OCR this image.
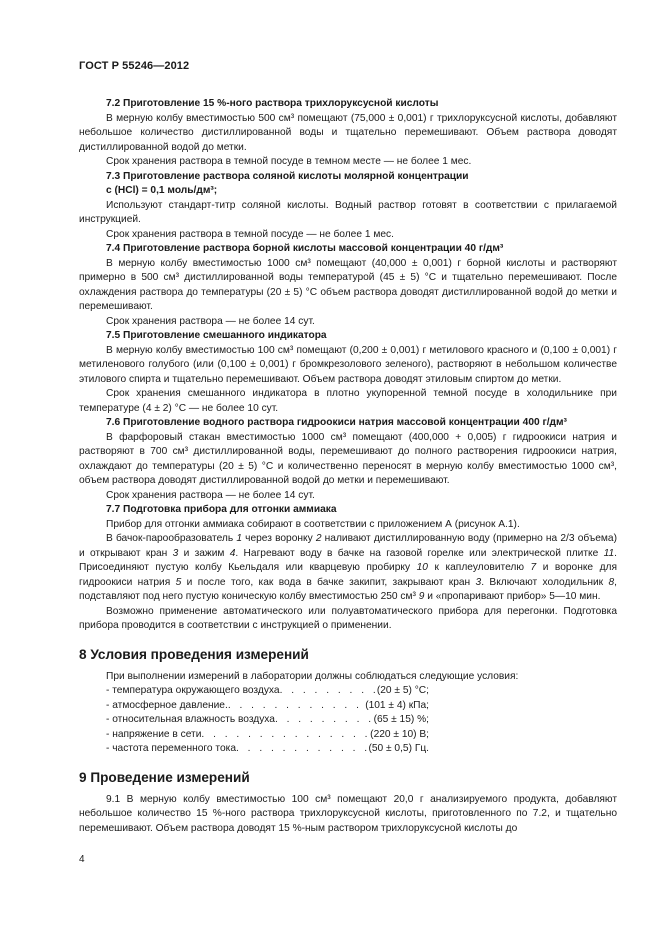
ГОСТ Р 55246—2012

7.2 Приготовление 15 %-ного раствора трихлоруксусной кислоты

В мерную колбу вместимостью 500 см³ помещают (75,000 ± 0,001) г трихлоруксусной кислоты, добавляют небольшое количество дистиллированной воды и тщательно перемешивают. Объем раствора доводят дистиллированной водой до метки.

Срок хранения раствора в темной посуде в темном месте — не более 1 мес.

7.3 Приготовление раствора соляной кислоты молярной концентрации

c (HCl) = 0,1 моль/дм³;

Используют стандарт-титр соляной кислоты. Водный раствор готовят в соответствии с прилагаемой инструкцией.

Срок хранения раствора в темной посуде — не более 1 мес.

7.4 Приготовление раствора борной кислоты массовой концентрации 40 г/дм³

В мерную колбу вместимостью 1000 см³ помещают (40,000 ± 0,001) г борной кислоты и растворяют примерно в 500 см³ дистиллированной воды температурой (45 ± 5) °С и тщательно перемешивают. После охлаждения раствора до температуры (20 ± 5) °С объем раствора доводят дистиллированной водой до метки и перемешивают.

Срок хранения раствора — не более 14 сут.

7.5 Приготовление смешанного индикатора

В мерную колбу вместимостью 100 см³ помещают (0,200 ± 0,001) г метилового красного и (0,100 ± 0,001) г метиленового голубого (или (0,100 ± 0,001) г бромкрезолового зеленого), растворяют в небольшом количестве этилового спирта и тщательно перемешивают. Объем раствора доводят этиловым спиртом до метки.

Срок хранения смешанного индикатора в плотно укупоренной темной посуде в холодильнике при температуре (4 ± 2) °С — не более 10 сут.

7.6 Приготовление водного раствора гидроокиси натрия массовой концентрации 400 г/дм³

В фарфоровый стакан вместимостью 1000 см³ помещают (400,000 + 0,005) г гидроокиси натрия и растворяют в 700 см³ дистиллированной воды, перемешивают до полного растворения гидроокиси натрия, охлаждают до температуры (20 ± 5) °С и количественно переносят в мерную колбу вместимостью 1000 см³, объем раствора доводят дистиллированной водой до метки и перемешивают.

Срок хранения раствора — не более 14 сут.

7.7 Подготовка прибора для отгонки аммиака

Прибор для отгонки аммиака собирают в соответствии с приложением А (рисунок А.1).

В бачок-парообразователь 1 через воронку 2 наливают дистиллированную воду (примерно на 2/3 объема) и открывают кран 3 и зажим 4. Нагревают воду в бачке на газовой горелке или электрической плитке 11. Присоединяют пустую колбу Кьельдаля или кварцевую пробирку 10 к каплеуловителю 7 и воронке для гидроокиси натрия 5 и после того, как вода в бачке закипит, закрывают кран 3. Включают холодильник 8, подставляют под него пустую коническую колбу вместимостью 250 см³ 9 и «пропаривают прибор» 5—10 мин.

Возможно применение автоматического или полуавтоматического прибора для перегонки. Подготовка прибора проводится в соответствии с инструкцией о применении.

8 Условия проведения измерений

При выполнении измерений в лаборатории должны соблюдаться следующие условия:

- температура окружающего воздуха . . .	(20 ± 5) °С;
- атмосферное давление. . . .	(101 ± 4) кПа;
- относительная влажность воздуха . . .	(65 ± 15) %;
- напряжение в сети . . .	(220 ± 10) В;
- частота переменного тока . . .	(50 ± 0,5) Гц.

9 Проведение измерений

9.1 В мерную колбу вместимостью 100 см³ помещают 20,0 г анализируемого продукта, добавляют небольшое количество 15 %-ного раствора трихлоруксусной кислоты, приготовленного по 7.2, и тщательно перемешивают. Объем раствора доводят 15 %-ным раствором трихлоруксусной кислоты до

4
